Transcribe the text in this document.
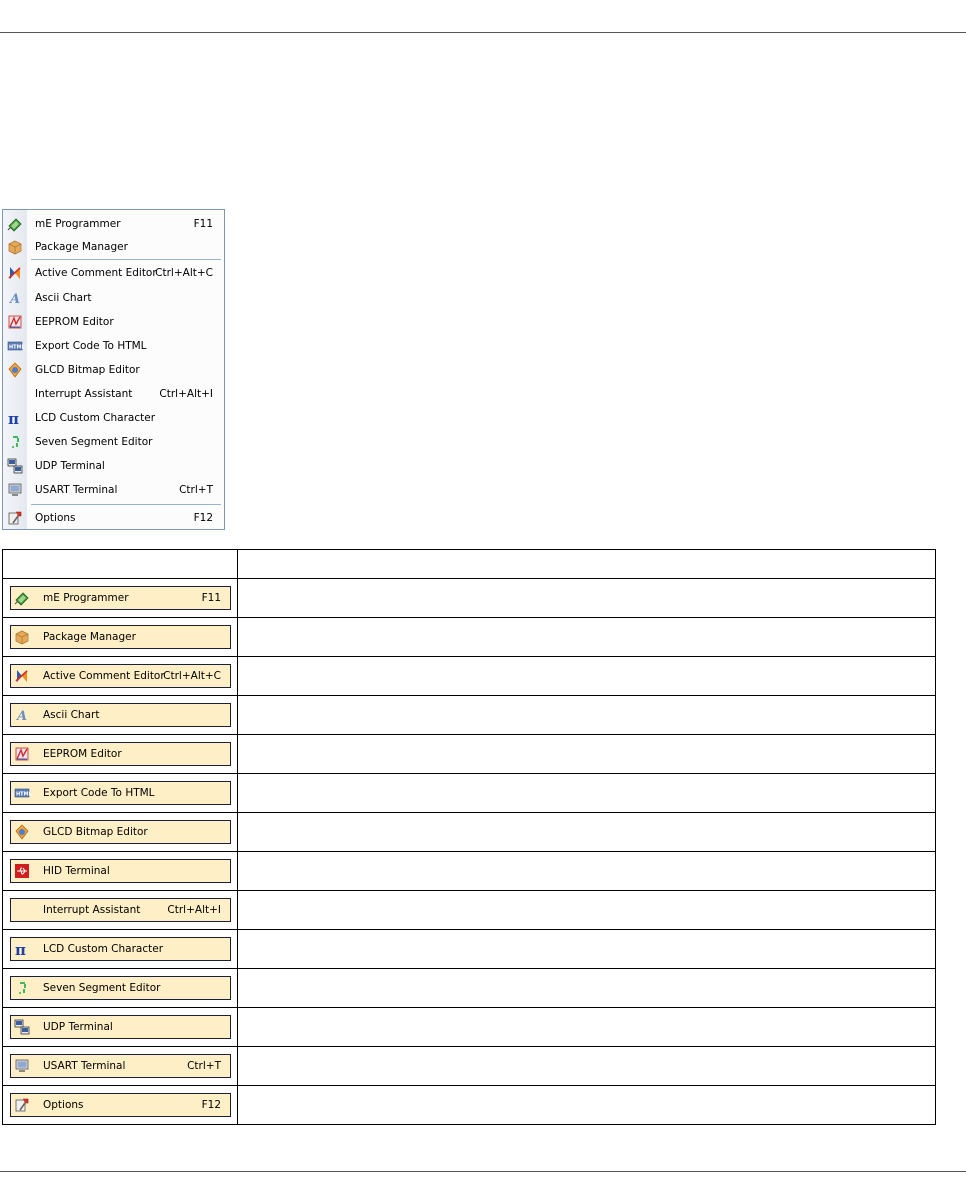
mE Programmer	F11
Package Manager
Active Comment Editor
Ctrl+Alt+C
A Ascii Chart
EEPROM Editor
HTML Export Code To HTML
GLCD Bitmap Editor
Interrupt Assistant	Ctrl+Alt+I
π LCD Custom Character
Seven Segment Editor
UDP Terminal
USART Terminal	Ctrl+T
Options	F12

mE Programmer F11	

Package Manager	

Active Comment Editor
Ctrl+Alt+C	

A Ascii Chart	

EEPROM Editor	

HTML Export Code To HTML	

GLCD Bitmap Editor	

HID Terminal	

Interrupt Assistant Ctrl+Alt+I	

π LCD Custom Character	

Seven Segment Editor	

UDP Terminal	

USART Terminal Ctrl+T	

Options F12	
